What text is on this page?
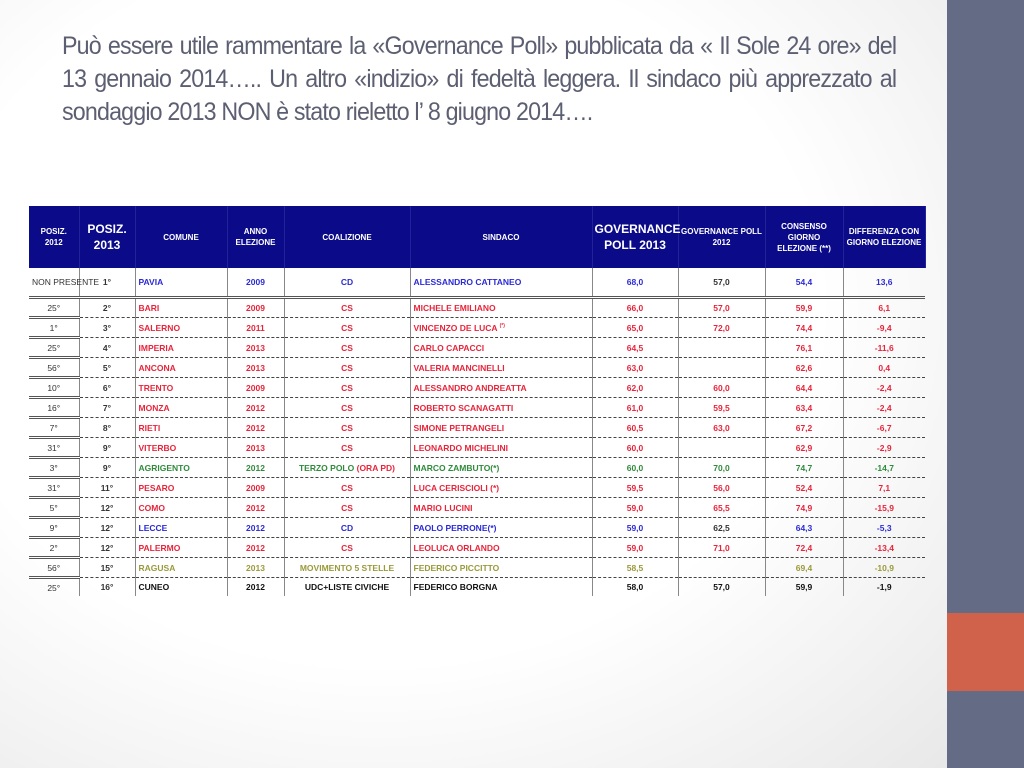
Può essere utile rammentare la «Governance Poll» pubblicata da « Il Sole 24 ore» del 13 gennaio 2014….. Un altro «indizio» di fedeltà leggera. Il sindaco più apprezzato al sondaggio 2013 NON è stato rieletto l’ 8 giugno 2014….
POSIZ. 2012	POSIZ. 2013	COMUNE	ANNO ELEZIONE	COALIZIONE	SINDACO	GOVERNANCE POLL 2013	GOVERNANCE POLL 2012	CONSENSO GIORNO ELEZIONE (**)	DIFFERENZA CON GIORNO ELEZIONE
NON PRESENTE	1°	PAVIA	2009	CD	ALESSANDRO CATTANEO	68,0	57,0	54,4	13,6
25°	2°	BARI	2009	CS	MICHELE EMILIANO	66,0	57,0	59,9	6,1
1°	3°	SALERNO	2011	CS	VINCENZO DE LUCA (*)	65,0	72,0	74,4	-9,4
25°	4°	IMPERIA	2013	CS	CARLO CAPACCI	64,5		76,1	-11,6
56°	5°	ANCONA	2013	CS	VALERIA MANCINELLI	63,0		62,6	0,4
10°	6°	TRENTO	2009	CS	ALESSANDRO ANDREATTA	62,0	60,0	64,4	-2,4
16°	7°	MONZA	2012	CS	ROBERTO SCANAGATTI	61,0	59,5	63,4	-2,4
7°	8°	RIETI	2012	CS	SIMONE PETRANGELI	60,5	63,0	67,2	-6,7
31°	9°	VITERBO	2013	CS	LEONARDO MICHELINI	60,0		62,9	-2,9
3°	9°	AGRIGENTO	2012	TERZO POLO (ORA PD)	MARCO ZAMBUTO(*)	60,0	70,0	74,7	-14,7
31°	11°	PESARO	2009	CS	LUCA CERISCIOLI (*)	59,5	56,0	52,4	7,1
5°	12°	COMO	2012	CS	MARIO LUCINI	59,0	65,5	74,9	-15,9
9°	12°	LECCE	2012	CD	PAOLO PERRONE(*)	59,0	62,5	64,3	-5,3
2°	12°	PALERMO	2012	CS	LEOLUCA ORLANDO	59,0	71,0	72,4	-13,4
56°	15°	RAGUSA	2013	MOVIMENTO 5 STELLE	FEDERICO PICCITTO	58,5		69,4	-10,9
25°	16°	CUNEO	2012	UDC+LISTE CIVICHE	FEDERICO BORGNA	58,0	57,0	59,9	-1,9
